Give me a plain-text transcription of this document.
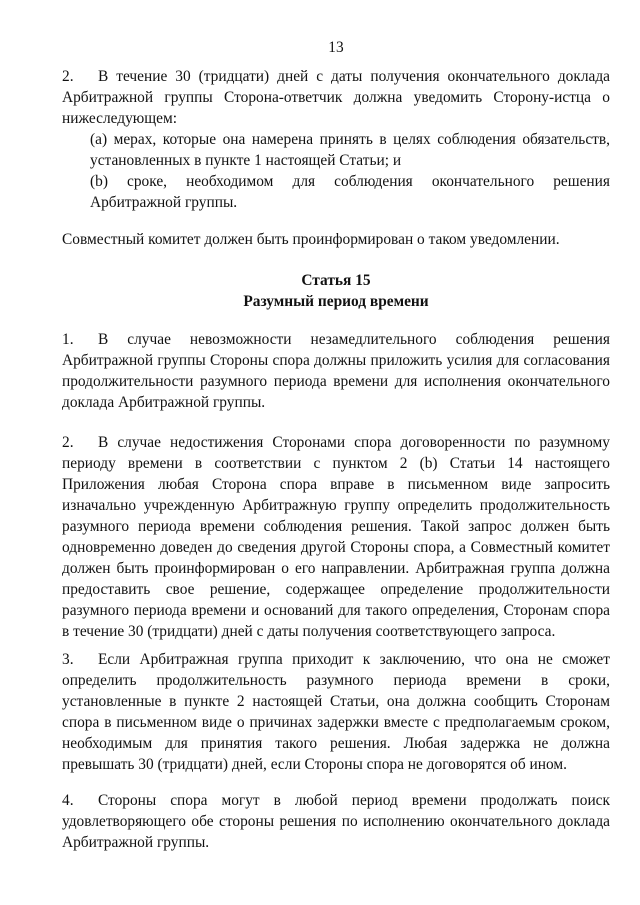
13

2. В течение 30 (тридцати) дней с даты получения окончательного доклада Арбитражной группы Сторона-ответчик должна уведомить Сторону-истца о нижеследующем:

(a) мерах, которые она намерена принять в целях соблюдения обязательств, установленных в пункте 1 настоящей Статьи; и

(b) сроке, необходимом для соблюдения окончательного решения Арбитражной группы.

Совместный комитет должен быть проинформирован о таком уведомлении.

Статья 15

Разумный период времени

1. В случае невозможности незамедлительного соблюдения решения Арбитражной группы Стороны спора должны приложить усилия для согласования продолжительности разумного периода времени для исполнения окончательного доклада Арбитражной группы.

2. В случае недостижения Сторонами спора договоренности по разумному периоду времени в соответствии с пунктом 2 (b) Статьи 14 настоящего Приложения любая Сторона спора вправе в письменном виде запросить изначально учрежденную Арбитражную группу определить продолжительность разумного периода времени соблюдения решения. Такой запрос должен быть одновременно доведен до сведения другой Стороны спора, а Совместный комитет должен быть проинформирован о его направлении. Арбитражная группа должна предоставить свое решение, содержащее определение продолжительности разумного периода времени и оснований для такого определения, Сторонам спора в течение 30 (тридцати) дней с даты получения соответствующего запроса.

3. Если Арбитражная группа приходит к заключению, что она не сможет определить продолжительность разумного периода времени в сроки, установленные в пункте 2 настоящей Статьи, она должна сообщить Сторонам спора в письменном виде о причинах задержки вместе с предполагаемым сроком, необходимым для принятия такого решения. Любая задержка не должна превышать 30 (тридцати) дней, если Стороны спора не договорятся об ином.

4. Стороны спора могут в любой период времени продолжать поиск удовлетворяющего обе стороны решения по исполнению окончательного доклада Арбитражной группы.
